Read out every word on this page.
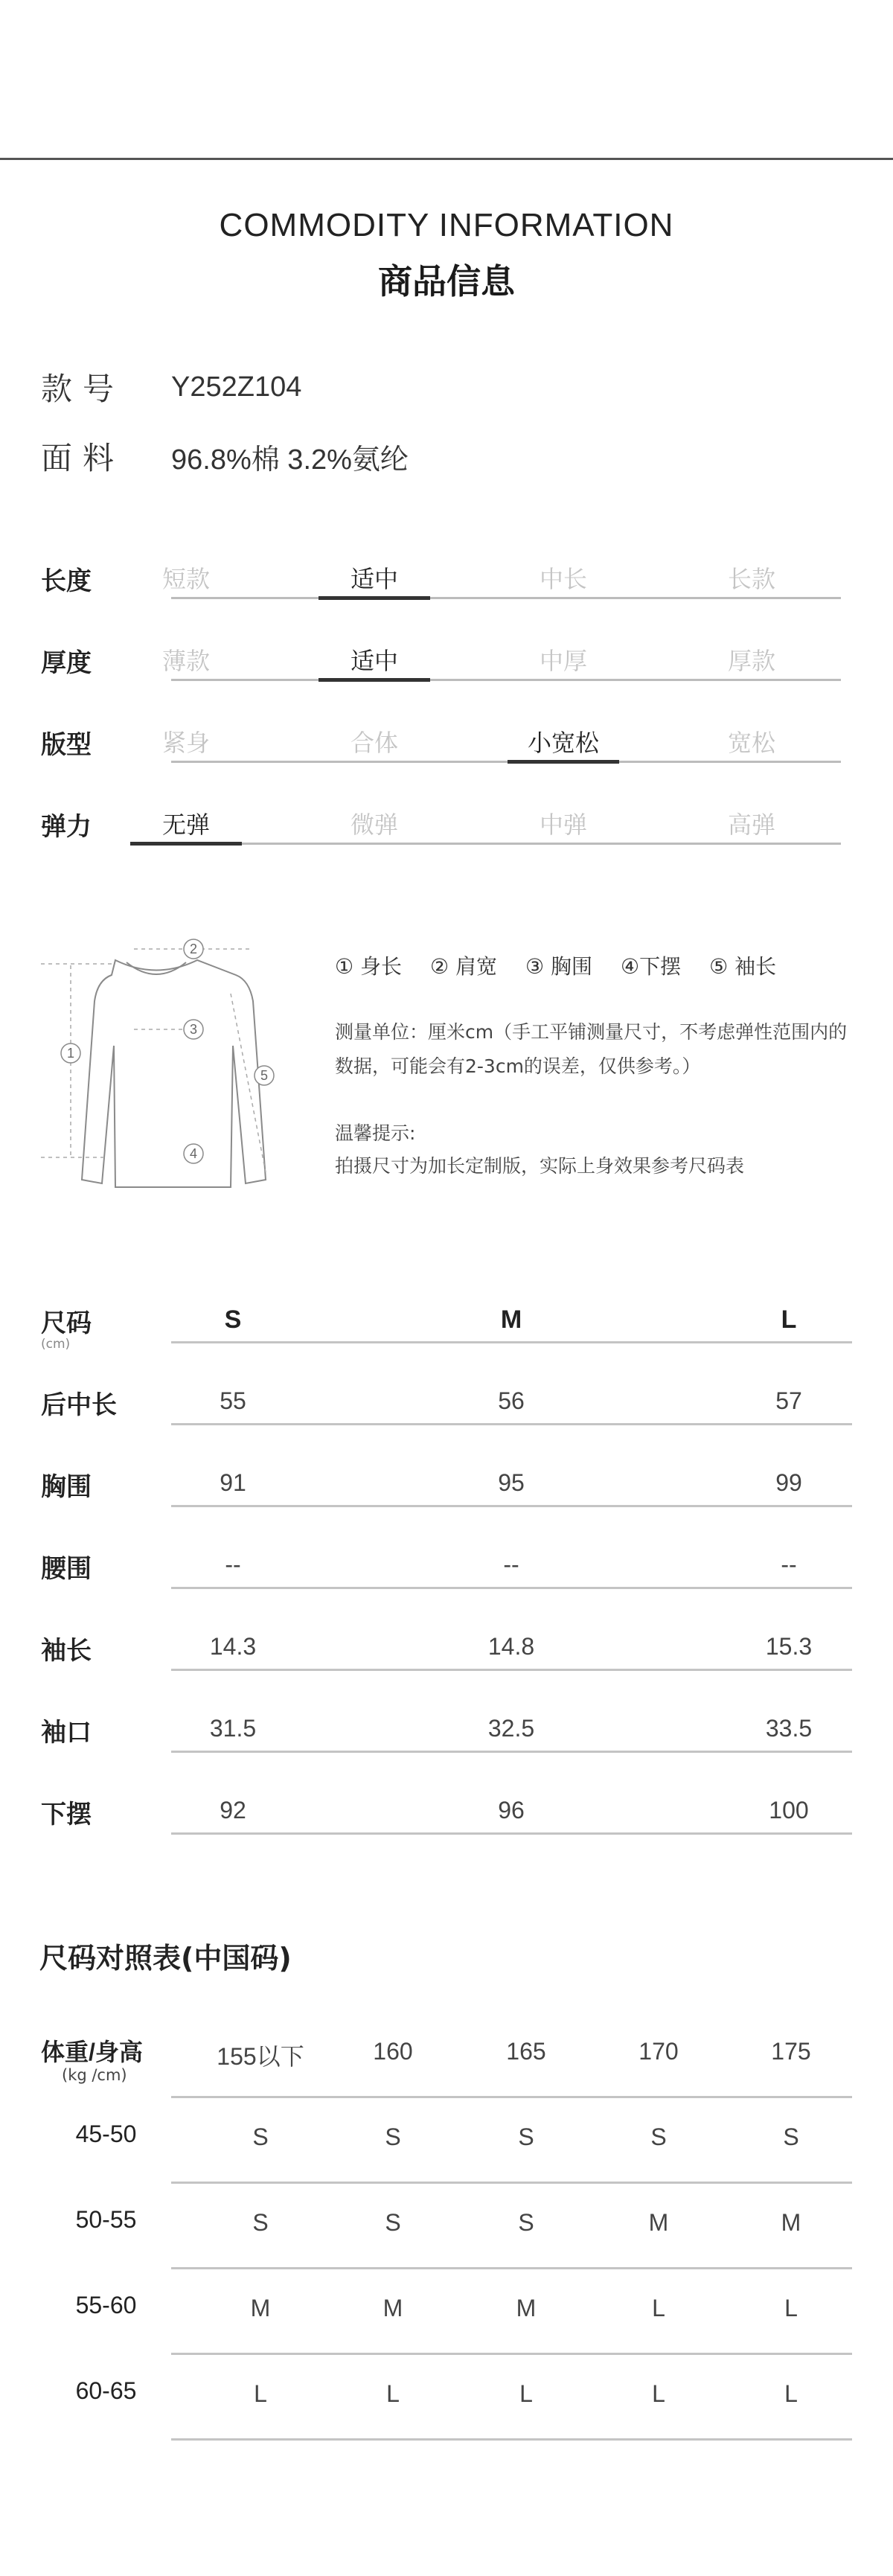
COMMODITY INFORMATION
商品信息
款号	Y252Z104
面料	96.8%棉 3.2%氨纶
长度	短款	适中	中长	长款
厚度	薄款	适中	中厚	厚款
版型	紧身	合体	小宽松	宽松
弹力	无弹	微弹	中弹	高弹
2
1
3
4
5
① 身长 ② 肩宽 ③ 胸围 ④下摆 ⑤ 袖长
测量单位：厘米cm（手工平铺测量尺寸，不考虑弹性范围内的数据，可能会有2-3cm的误差，仅供参考。）
温馨提示:
拍摄尺寸为加长定制版，实际上身效果参考尺码表
尺码
(cm)
S	M	L
后中长	55	56	57
胸围	91	95	99
腰围	--	--	--
袖长	14.3	14.8	15.3
袖口	31.5	32.5	33.5
下摆	92	96	100
尺码对照表(中国码)
体重/身高
(kg /cm)
155以下	160	165	170	175
45-50	S	S	S	S	S
50-55	S	S	S	M	M
55-60	M	M	M	L	L
60-65	L	L	L	L	L
